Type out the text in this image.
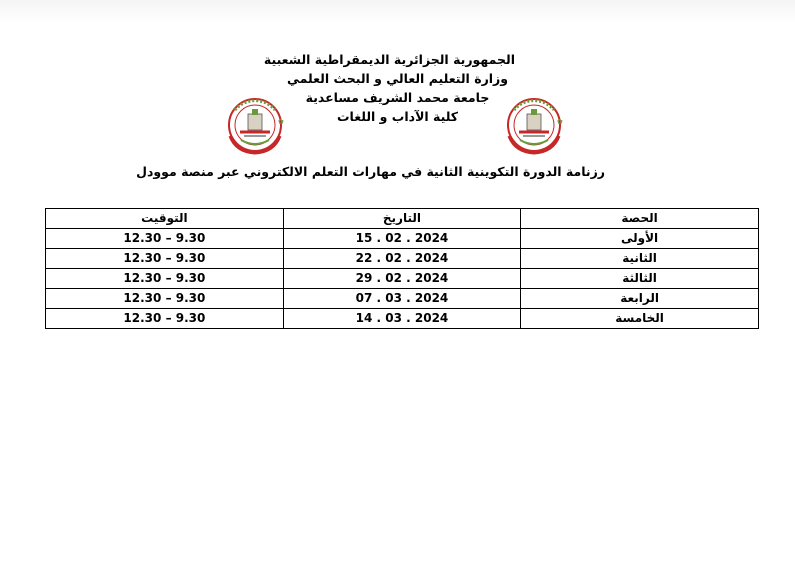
الجمهورية الجزائرية الديمقراطية الشعبية
وزارة التعليم العالي و البحث العلمي
جامعة محمد الشريف مساعدية
كلية الآداب و اللغات
✿	✿
رزنامة الدورة التكوينية الثانية في مهارات التعلم الالكتروني عبر منصة موودل
الحصة	التاريخ	التوقيت
الأولى	2024 . 02 . 15	9.30 – 12.30
الثانية	2024 . 02 . 22	9.30 – 12.30
الثالثة	2024 . 02 . 29	9.30 – 12.30
الرابعة	2024 . 03 . 07	9.30 – 12.30
الخامسة	2024 . 03 . 14	9.30 – 12.30
